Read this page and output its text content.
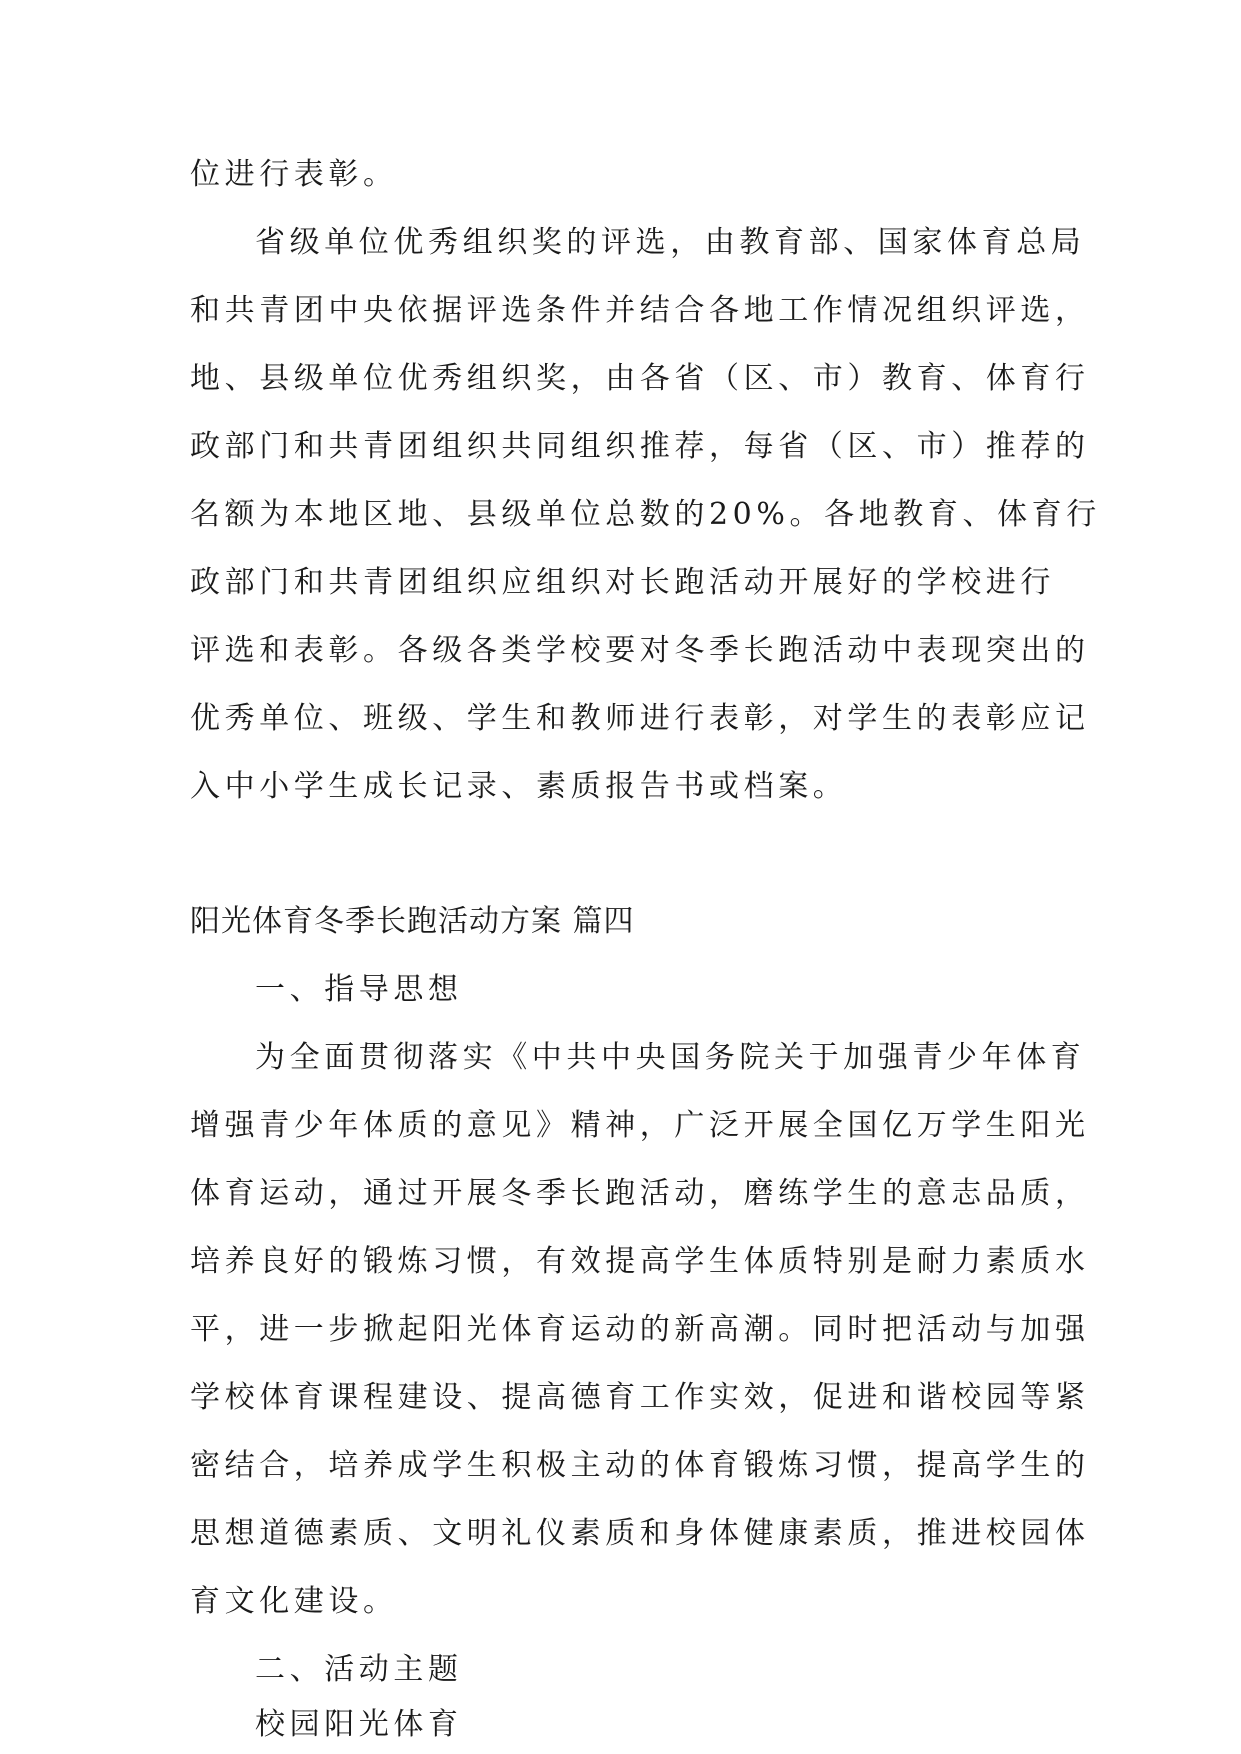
位进行表彰。
省级单位优秀组织奖的评选，由教育部、国家体育总局
和共青团中央依据评选条件并结合各地工作情况组织评选，
地、县级单位优秀组织奖，由各省（区、市）教育、体育行
政部门和共青团组织共同组织推荐，每省（区、市）推荐的
名额为本地区地、县级单位总数的20%。各地教育、体育行
政部门和共青团组织应组织对长跑活动开展好的学校进行
评选和表彰。各级各类学校要对冬季长跑活动中表现突出的
优秀单位、班级、学生和教师进行表彰，对学生的表彰应记
入中小学生成长记录、素质报告书或档案。
阳光体育冬季长跑活动方案 篇四
一、指导思想
为全面贯彻落实《中共中央国务院关于加强青少年体育
增强青少年体质的意见》精神，广泛开展全国亿万学生阳光
体育运动，通过开展冬季长跑活动，磨练学生的意志品质，
培养良好的锻炼习惯，有效提高学生体质特别是耐力素质水
平，进一步掀起阳光体育运动的新高潮。同时把活动与加强
学校体育课程建设、提高德育工作实效，促进和谐校园等紧
密结合，培养成学生积极主动的体育锻炼习惯，提高学生的
思想道德素质、文明礼仪素质和身体健康素质，推进校园体
育文化建设。
二、活动主题
校园阳光体育
